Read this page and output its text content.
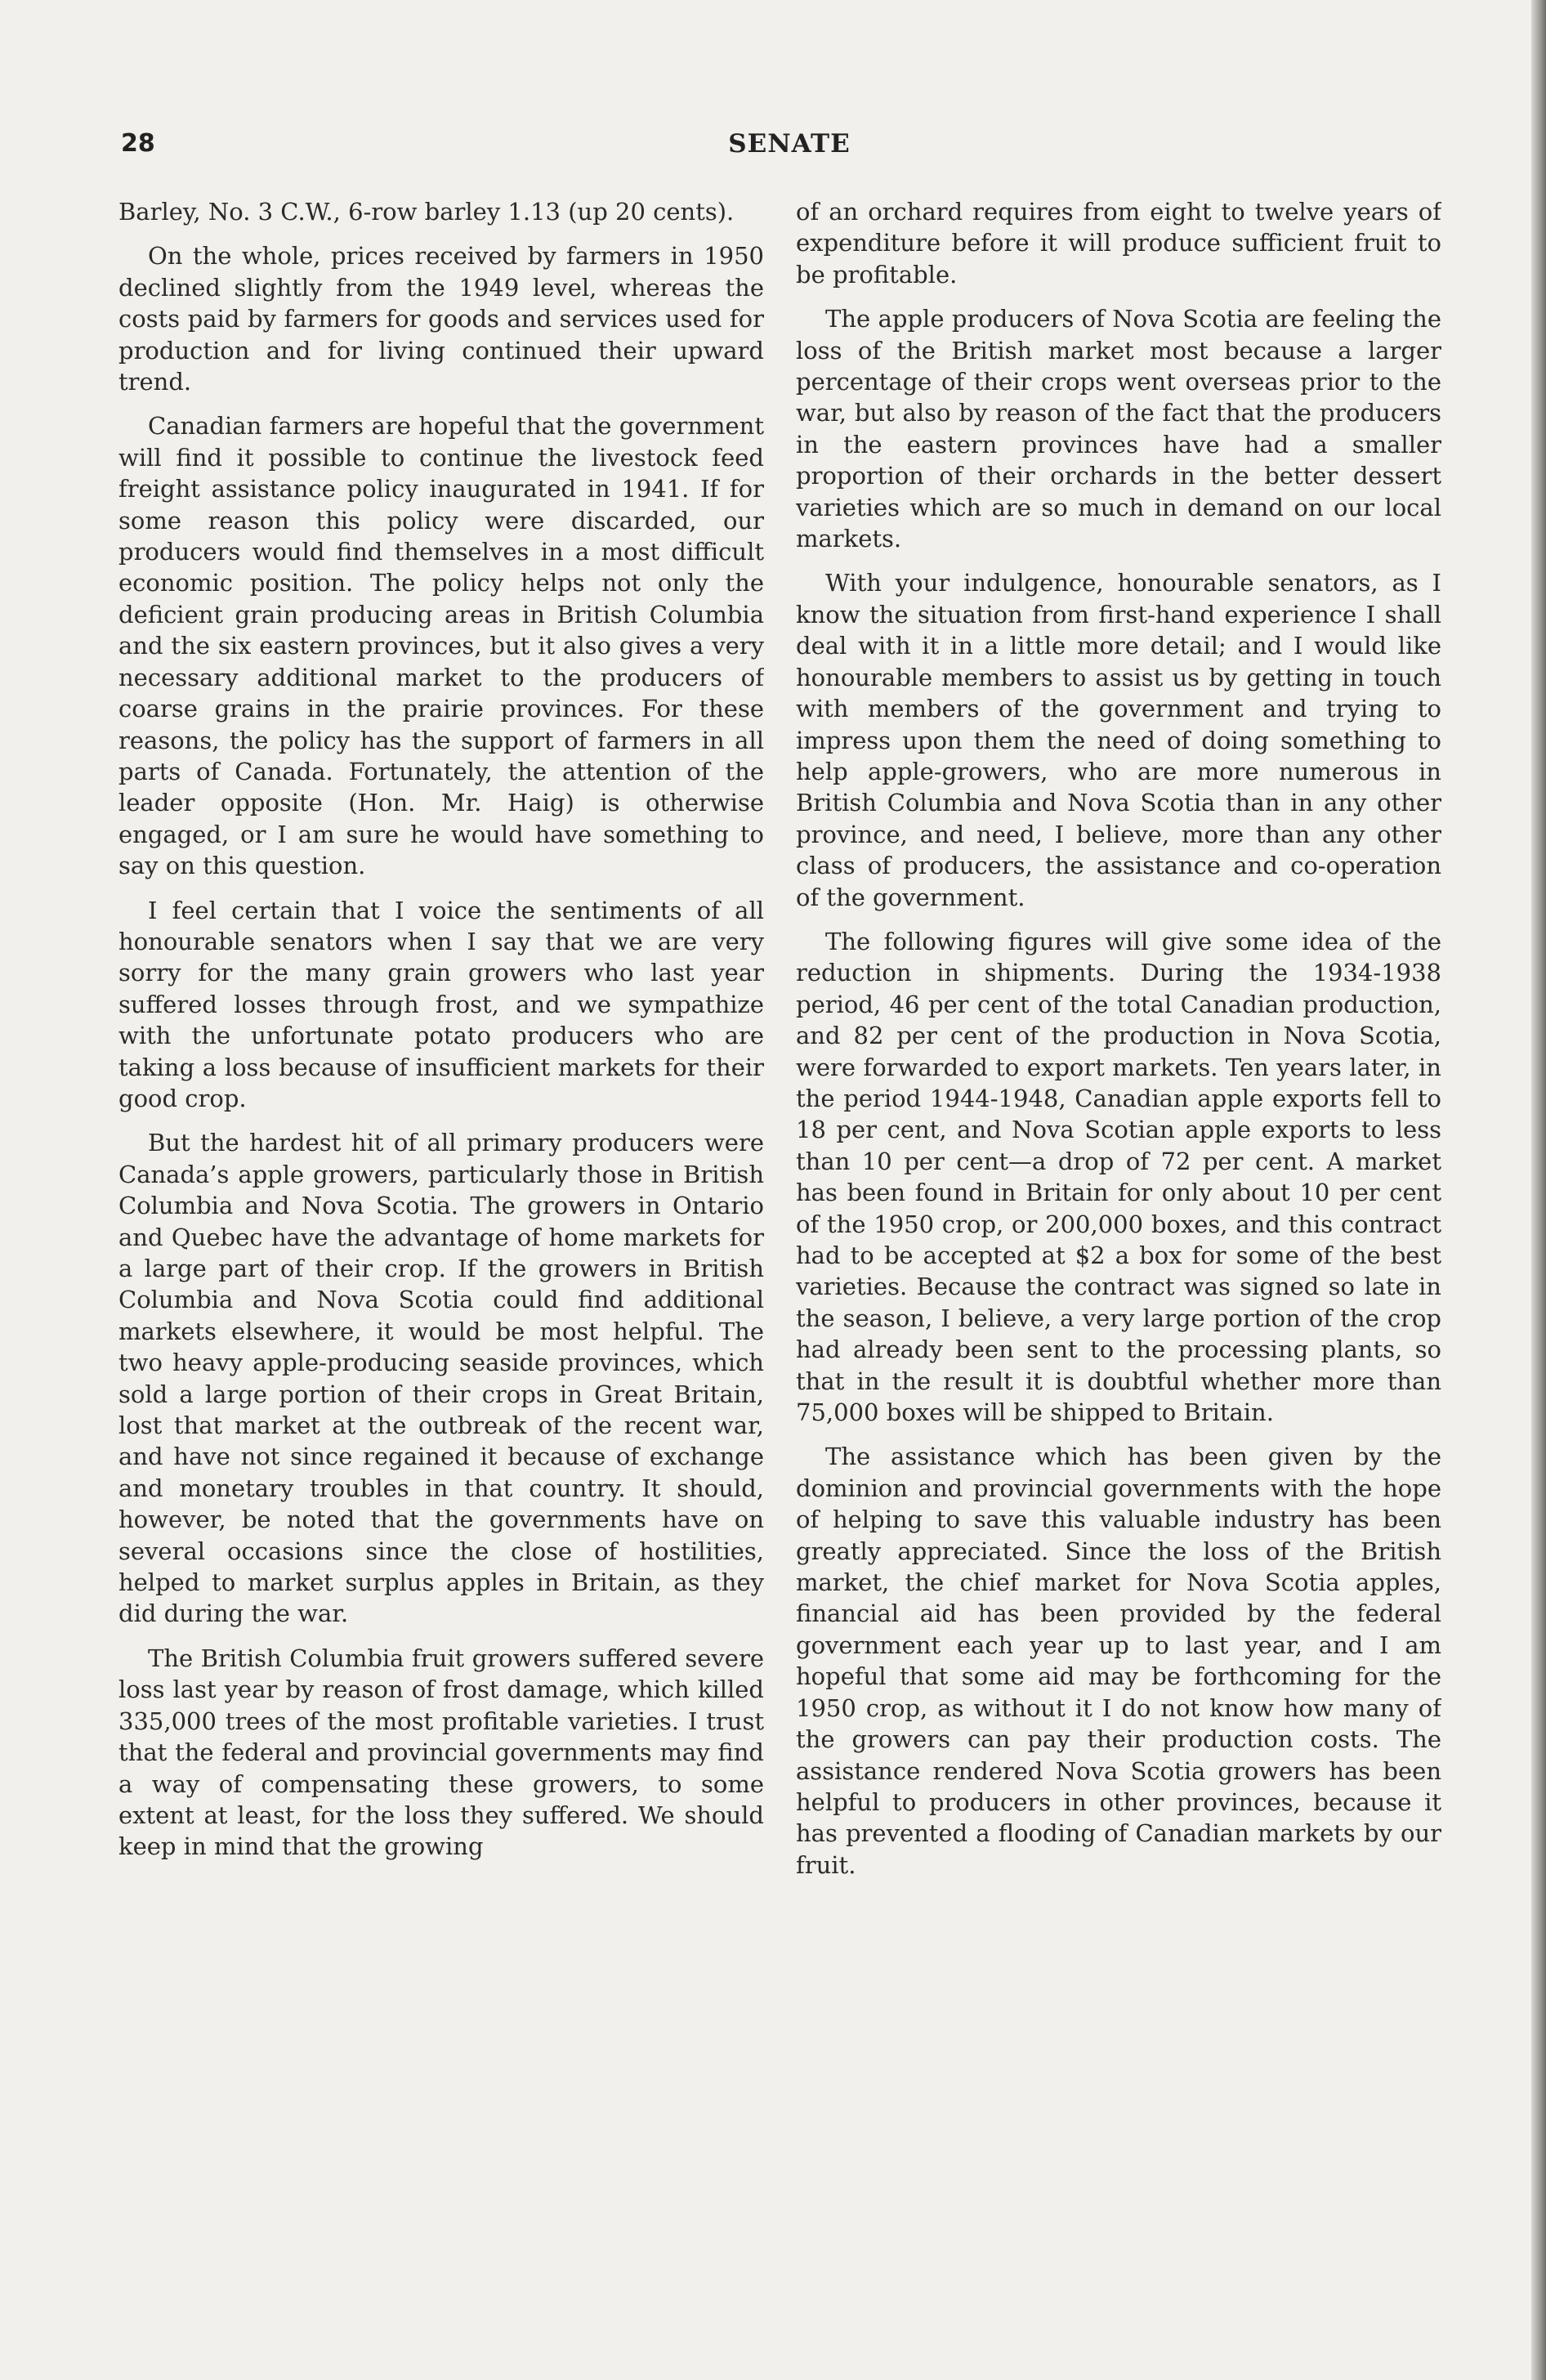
28	SENATE

Barley, No. 3 C.W., 6-row barley 1.13 (up 20 cents).

On the whole, prices received by farmers in 1950 declined slightly from the 1949 level, whereas the costs paid by farmers for goods and services used for production and for living continued their upward trend.

Canadian farmers are hopeful that the government will find it possible to continue the livestock feed freight assistance policy inaugurated in 1941. If for some reason this policy were discarded, our producers would find themselves in a most difficult economic position. The policy helps not only the deficient grain producing areas in British Columbia and the six eastern provinces, but it also gives a very necessary additional market to the producers of coarse grains in the prairie provinces. For these reasons, the policy has the support of farmers in all parts of Canada. Fortunately, the attention of the leader opposite (Hon. Mr. Haig) is otherwise engaged, or I am sure he would have something to say on this question.

I feel certain that I voice the sentiments of all honourable senators when I say that we are very sorry for the many grain growers who last year suffered losses through frost, and we sympathize with the unfortunate potato producers who are taking a loss because of insufficient markets for their good crop.

But the hardest hit of all primary producers were Canada’s apple growers, particularly those in British Columbia and Nova Scotia. The growers in Ontario and Quebec have the advantage of home markets for a large part of their crop. If the growers in British Columbia and Nova Scotia could find additional markets elsewhere, it would be most helpful. The two heavy apple-producing seaside provinces, which sold a large portion of their crops in Great Britain, lost that market at the outbreak of the recent war, and have not since regained it because of exchange and monetary troubles in that country. It should, however, be noted that the governments have on several occasions since the close of hostilities, helped to market surplus apples in Britain, as they did during the war.

The British Columbia fruit growers suffered severe loss last year by reason of frost damage, which killed 335,000 trees of the most profitable varieties. I trust that the federal and provincial governments may find a way of compensating these growers, to some extent at least, for the loss they suffered. We should keep in mind that the growing

of an orchard requires from eight to twelve years of expenditure before it will produce sufficient fruit to be profitable.

The apple producers of Nova Scotia are feeling the loss of the British market most because a larger percentage of their crops went overseas prior to the war, but also by reason of the fact that the producers in the eastern provinces have had a smaller proportion of their orchards in the better dessert varieties which are so much in demand on our local markets.

With your indulgence, honourable senators, as I know the situation from first-hand experience I shall deal with it in a little more detail; and I would like honourable members to assist us by getting in touch with members of the government and trying to impress upon them the need of doing something to help apple-growers, who are more numerous in British Columbia and Nova Scotia than in any other province, and need, I believe, more than any other class of producers, the assistance and co-operation of the government.

The following figures will give some idea of the reduction in shipments. During the 1934-1938 period, 46 per cent of the total Canadian production, and 82 per cent of the production in Nova Scotia, were forwarded to export markets. Ten years later, in the period 1944-1948, Canadian apple exports fell to 18 per cent, and Nova Scotian apple exports to less than 10 per cent—a drop of 72 per cent. A market has been found in Britain for only about 10 per cent of the 1950 crop, or 200,000 boxes, and this contract had to be accepted at $2 a box for some of the best varieties. Because the contract was signed so late in the season, I believe, a very large portion of the crop had already been sent to the processing plants, so that in the result it is doubtful whether more than 75,000 boxes will be shipped to Britain.

The assistance which has been given by the dominion and provincial governments with the hope of helping to save this valuable industry has been greatly appreciated. Since the loss of the British market, the chief market for Nova Scotia apples, financial aid has been provided by the federal government each year up to last year, and I am hopeful that some aid may be forthcoming for the 1950 crop, as without it I do not know how many of the growers can pay their production costs. The assistance rendered Nova Scotia growers has been helpful to producers in other provinces, because it has prevented a flooding of Canadian markets by our fruit.
